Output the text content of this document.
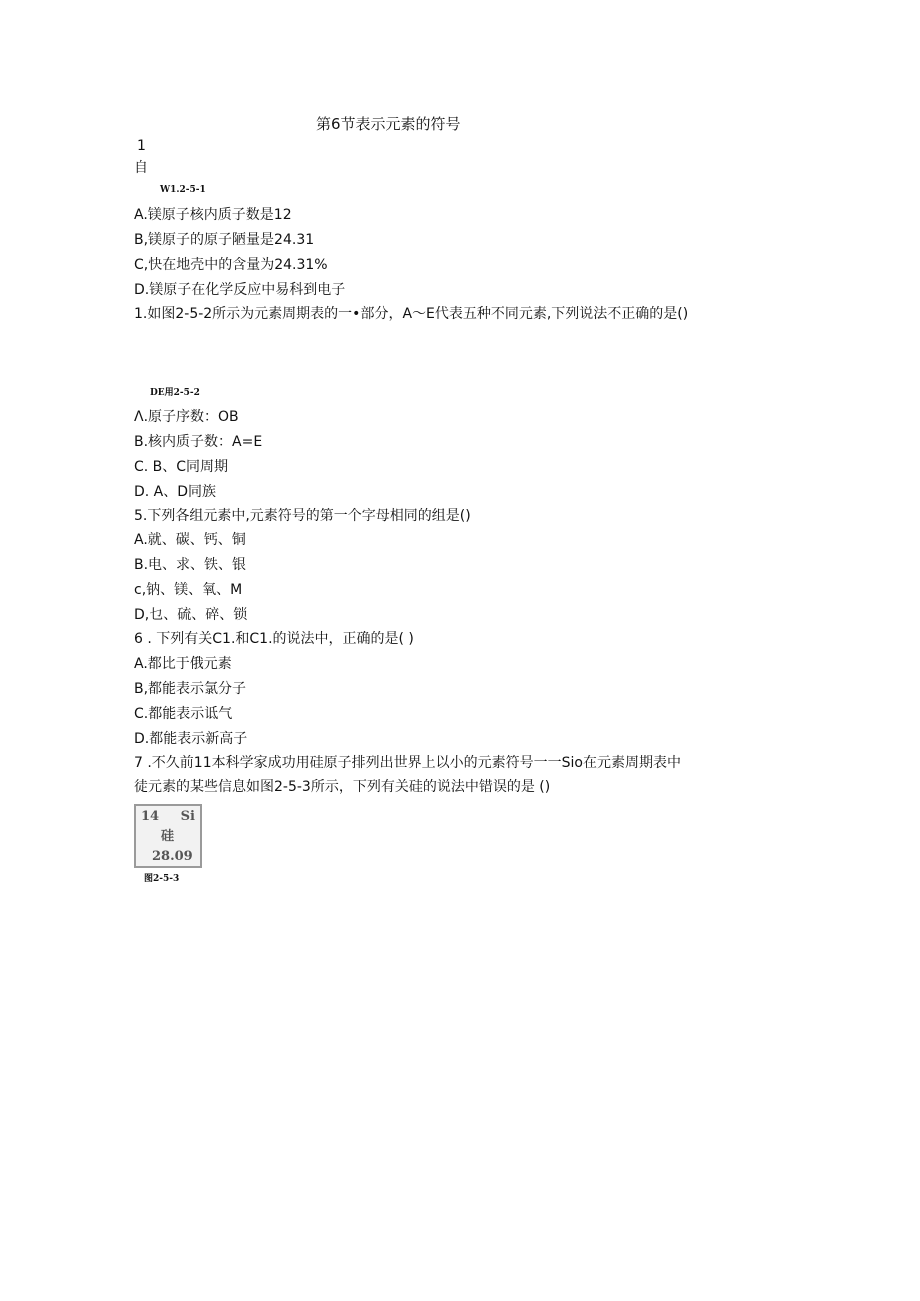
第6节表示元素的符号
1
自
W1.2-5-1
A.镁原子核内质子数是12
B,镁原子的原子陋量是24.31
C,快在地壳中的含量为24.31%
D.镁原子在化学反应中易科到电子
1.如图2-5-2所示为元素周期表的一•部分，A〜E代表五种不同元素,下列说法不正确的是()
DE用2-5-2
Λ.原子序数：OB
B.核内质子数：A=E
C. B、C同周期
D. A、D同族
5.下列各组元素中,元素符号的第一个字母相同的组是()
A.就、碳、钙、铜
B.电、求、铁、银
c,钠、镁、氧、M
D,乜、硫、碎、锁
6 . 下列有关C1.和C1.的说法中，正确的是( )
A.都比于俄元素
B,都能表示氯分子
C.都能表示诋气
D.都能表示新高子
7 .不久前11本科学家成功用硅原子排列出世界上以小的元素符号一一Sio在元素周期表中
徒元素的某些信息如图2-5-3所示，下列有关硅的说法中错误的是 ()
14 Si
硅
28.09
图2-5-3
